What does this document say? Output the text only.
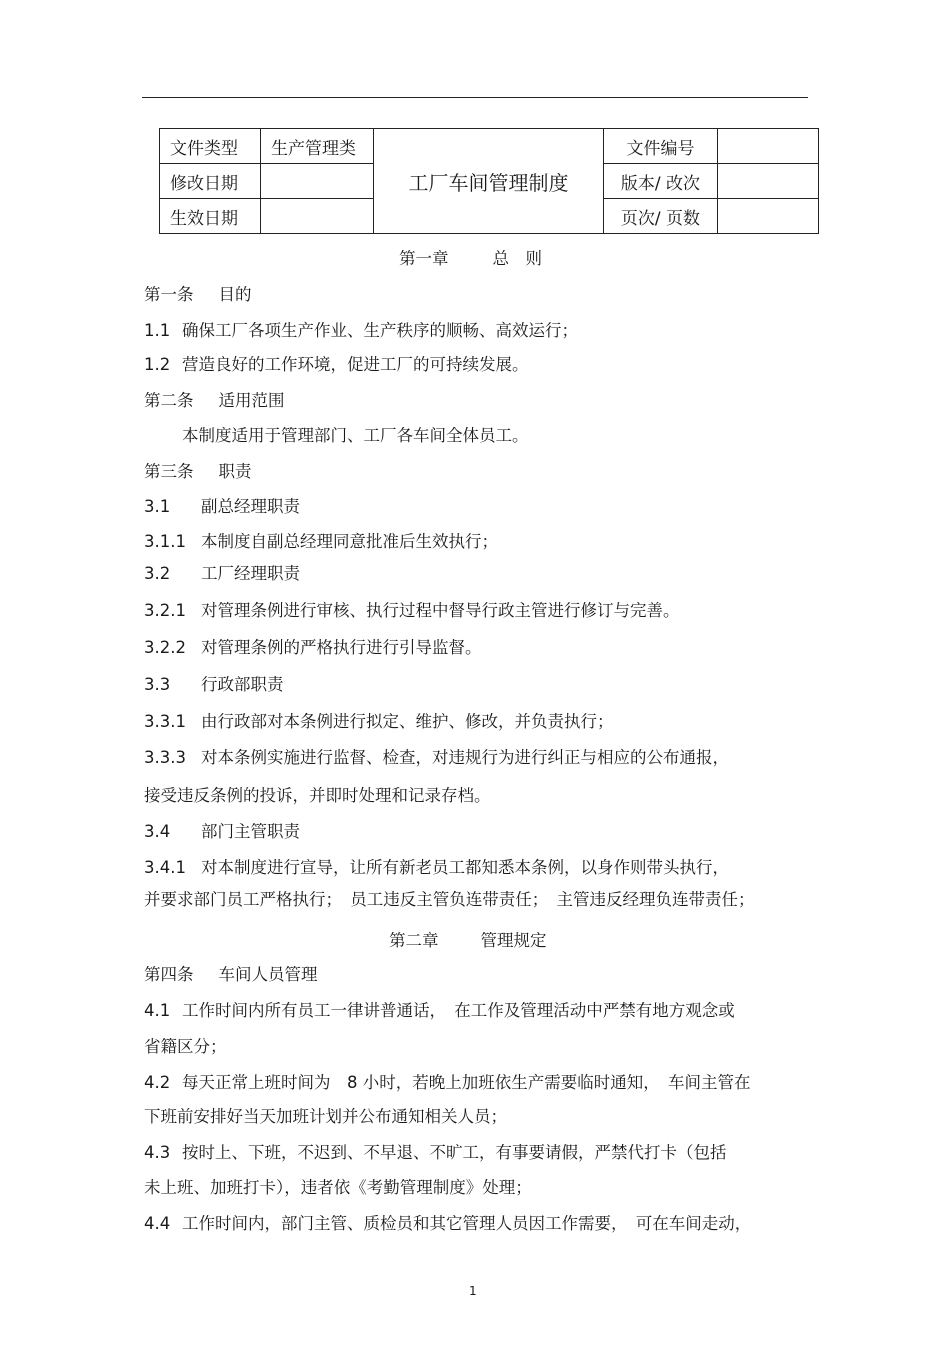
文件类型	生产管理类	工厂车间管理制度	文件编号	
修改日期			版本/ 改次	
生效日期			页次/ 页数	
第一章	总　则
第一条 目的
1.1 确保工厂各项生产作业、生产秩序的顺畅、高效运行；
1.2 营造良好的工作环境，促进工厂的可持续发展。
第二条 适用范围
本制度适用于管理部门、工厂各车间全体员工。
第三条 职责
3.1 副总经理职责
3.1.1 本制度自副总经理同意批准后生效执行；
3.2 工厂经理职责
3.2.1 对管理条例进行审核、执行过程中督导行政主管进行修订与完善。
3.2.2 对管理条例的严格执行进行引导监督。
3.3 行政部职责
3.3.1 由行政部对本条例进行拟定、维护、修改，并负责执行；
3.3.3 对本条例实施进行监督、检查，对违规行为进行纠正与相应的公布通报，
接受违反条例的投诉，并即时处理和记录存档。
3.4 部门主管职责
3.4.1 对本制度进行宣导，让所有新老员工都知悉本条例，以身作则带头执行，
并要求部门员工严格执行；　员工违反主管负连带责任；　主管违反经理负连带责任；
第二章	管理规定
第四条 车间人员管理
4.1 工作时间内所有员工一律讲普通话，　在工作及管理活动中严禁有地方观念或
省籍区分；
4.2 每天正常上班时间为　8 小时，若晚上加班依生产需要临时通知，　车间主管在
下班前安排好当天加班计划并公布通知相关人员；
4.3 按时上、下班，不迟到、不早退、不旷工，有事要请假，严禁代打卡（包括
未上班、加班打卡），违者依《考勤管理制度》处理；
4.4 工作时间内，部门主管、质检员和其它管理人员因工作需要，　可在车间走动，
1
